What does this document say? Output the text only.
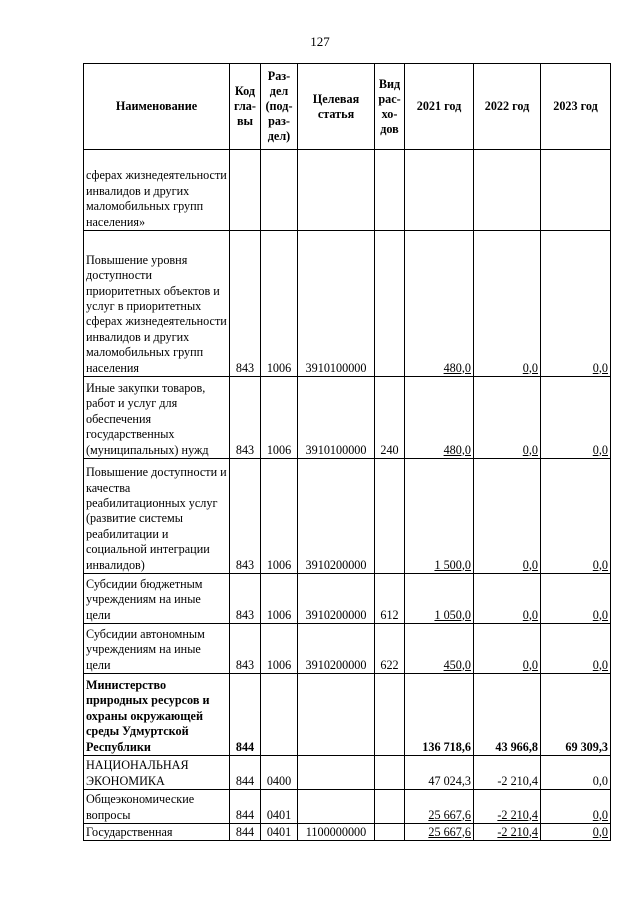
127
Наименование	Код гла-вы	Раз-дел (под-раз-дел)	Целевая статья	Вид рас-хо-дов	2021 год	2022 год	2023 год
сферах жизнедеятельности инвалидов и других маломобильных групп населения»							
Повышение уровня доступности приоритетных объектов и услуг в приоритетных сферах жизнедеятельности инвалидов и других маломобильных групп населения	843	1006	3910100000		480,0	0,0	0,0
Иные закупки товаров, работ и услуг для обеспечения государственных (муниципальных) нужд	843	1006	3910100000	240	480,0	0,0	0,0
Повышение доступности и качества реабилитационных услуг (развитие системы реабилитации и социальной интеграции инвалидов)	843	1006	3910200000		1 500,0	0,0	0,0
Субсидии бюджетным учреждениям на иные цели	843	1006	3910200000	612	1 050,0	0,0	0,0
Субсидии автономным учреждениям на иные цели	843	1006	3910200000	622	450,0	0,0	0,0
Министерство природных ресурсов и охраны окружающей среды Удмуртской Республики	844				136 718,6	43 966,8	69 309,3
НАЦИОНАЛЬНАЯ ЭКОНОМИКА	844	0400			47 024,3	-2 210,4	0,0
Общеэкономические вопросы	844	0401			25 667,6	-2 210,4	0,0
Государственная	844	0401	1100000000		25 667,6	-2 210,4	0,0
